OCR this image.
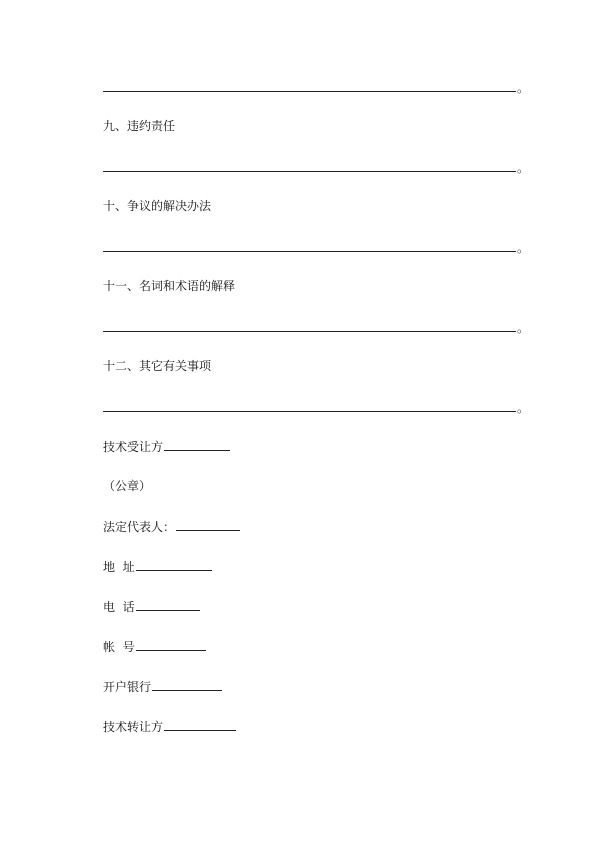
。
九、违约责任
。
十、争议的解决办法
。
十一、名词和术语的解释
。
十二、其它有关事项
。
技术受让方
（公章）
法定代表人：
地  址
电  话
帐  号
开户银行
技术转让方
